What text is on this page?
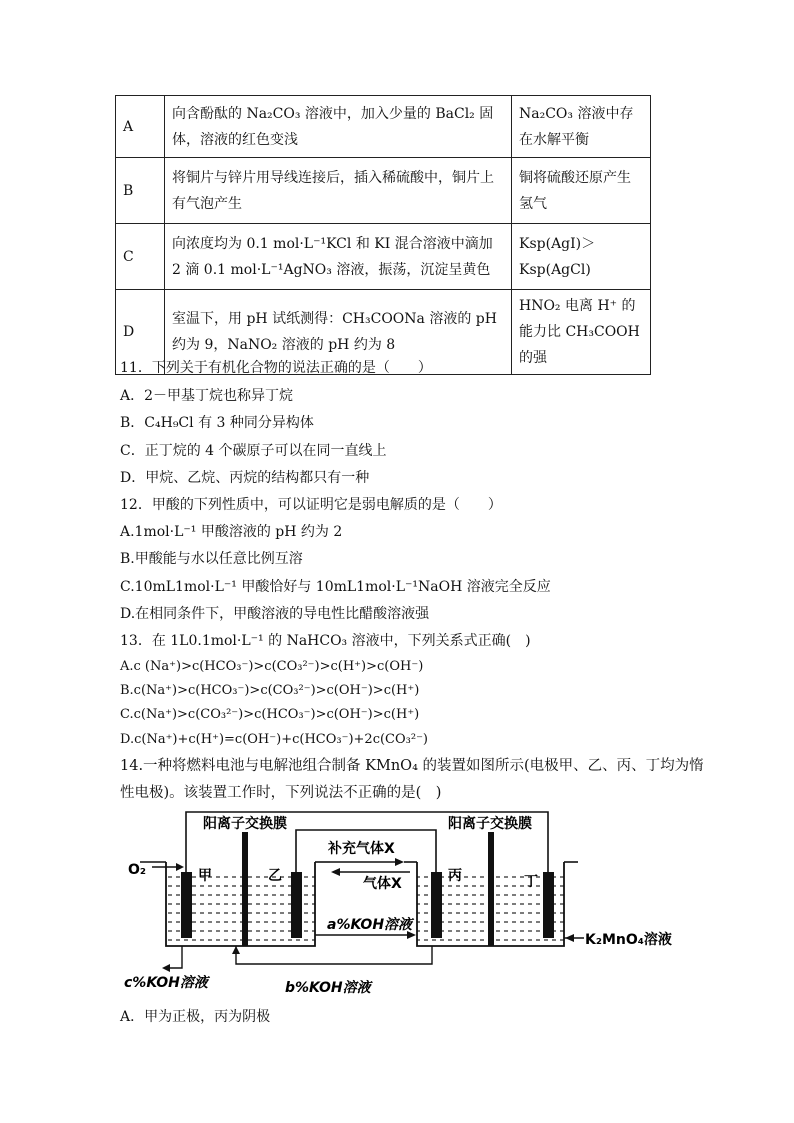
A	向含酚酞的 Na₂CO₃ 溶液中，加入少量的 BaCl₂ 固体，溶液的红色变浅	Na₂CO₃ 溶液中存在水解平衡
B	将铜片与锌片用导线连接后，插入稀硫酸中，铜片上有气泡产生	铜将硫酸还原产生氢气
C	向浓度均为 0.1 mol·L⁻¹KCl 和 KI 混合溶液中滴加 2 滴 0.1 mol·L⁻¹AgNO₃ 溶液，振荡，沉淀呈黄色	Ksp(AgI)＞Ksp(AgCl)
D	室温下，用 pH 试纸测得：CH₃COONa 溶液的 pH 约为 9，NaNO₂ 溶液的 pH 约为 8	HNO₂ 电离 H⁺ 的能力比 CH₃COOH 的强
11．下列关于有机化合物的说法正确的是（　　）
A．2－甲基丁烷也称异丁烷
B．C₄H₉Cl 有 3 种同分异构体
C．正丁烷的 4 个碳原子可以在同一直线上
D．甲烷、乙烷、丙烷的结构都只有一种
12．甲酸的下列性质中，可以证明它是弱电解质的是（　　）
A.1mol·L⁻¹ 甲酸溶液的 pH 约为 2
B.甲酸能与水以任意比例互溶
C.10mL1mol·L⁻¹ 甲酸恰好与 10mL1mol·L⁻¹NaOH 溶液完全反应
D.在相同条件下，甲酸溶液的导电性比醋酸溶液强
13．在 1L0.1mol·L⁻¹ 的 NaHCO₃ 溶液中，下列关系式正确(　)
A.c (Na⁺)>c(HCO₃⁻)>c(CO₃²⁻)>c(H⁺)>c(OH⁻)
B.c(Na⁺)>c(HCO₃⁻)>c(CO₃²⁻)>c(OH⁻)>c(H⁺)
C.c(Na⁺)>c(CO₃²⁻)>c(HCO₃⁻)>c(OH⁻)>c(H⁺)
D.c(Na⁺)+c(H⁺)=c(OH⁻)+c(HCO₃⁻)+2c(CO₃²⁻)
14.一种将燃料电池与电解池组合制备 KMnO₄ 的装置如图所示(电极甲、乙、丙、丁均为惰
性电极)。该装置工作时，下列说法不正确的是(　)
阳离子交换膜	阳离子交换膜
补充气体X
气体X
O₂	甲	乙	丙	丁
a%KOH溶液
b%KOH溶液
c%KOH溶液
K₂MnO₄溶液
A．甲为正极，丙为阴极
